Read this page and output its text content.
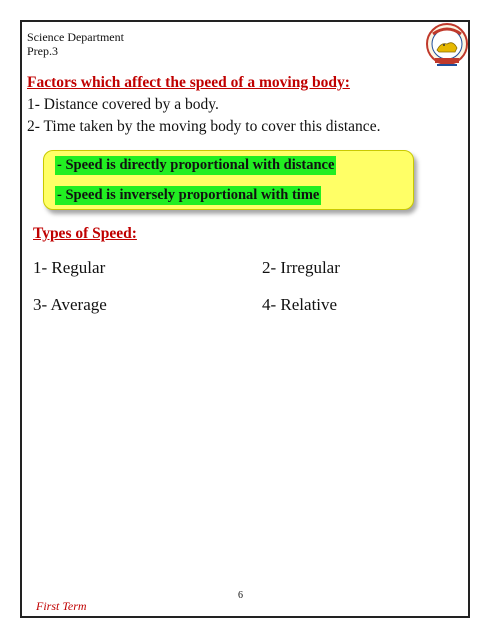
Science Department
Prep.3
Factors which affect the speed of a moving body:
1- Distance covered by a body.
2- Time taken by the moving body to cover this distance.
- Speed is directly proportional with distance
- Speed is inversely proportional with time
Types of Speed:
1- Regular	2- Irregular
3- Average	4- Relative
6
First Term
